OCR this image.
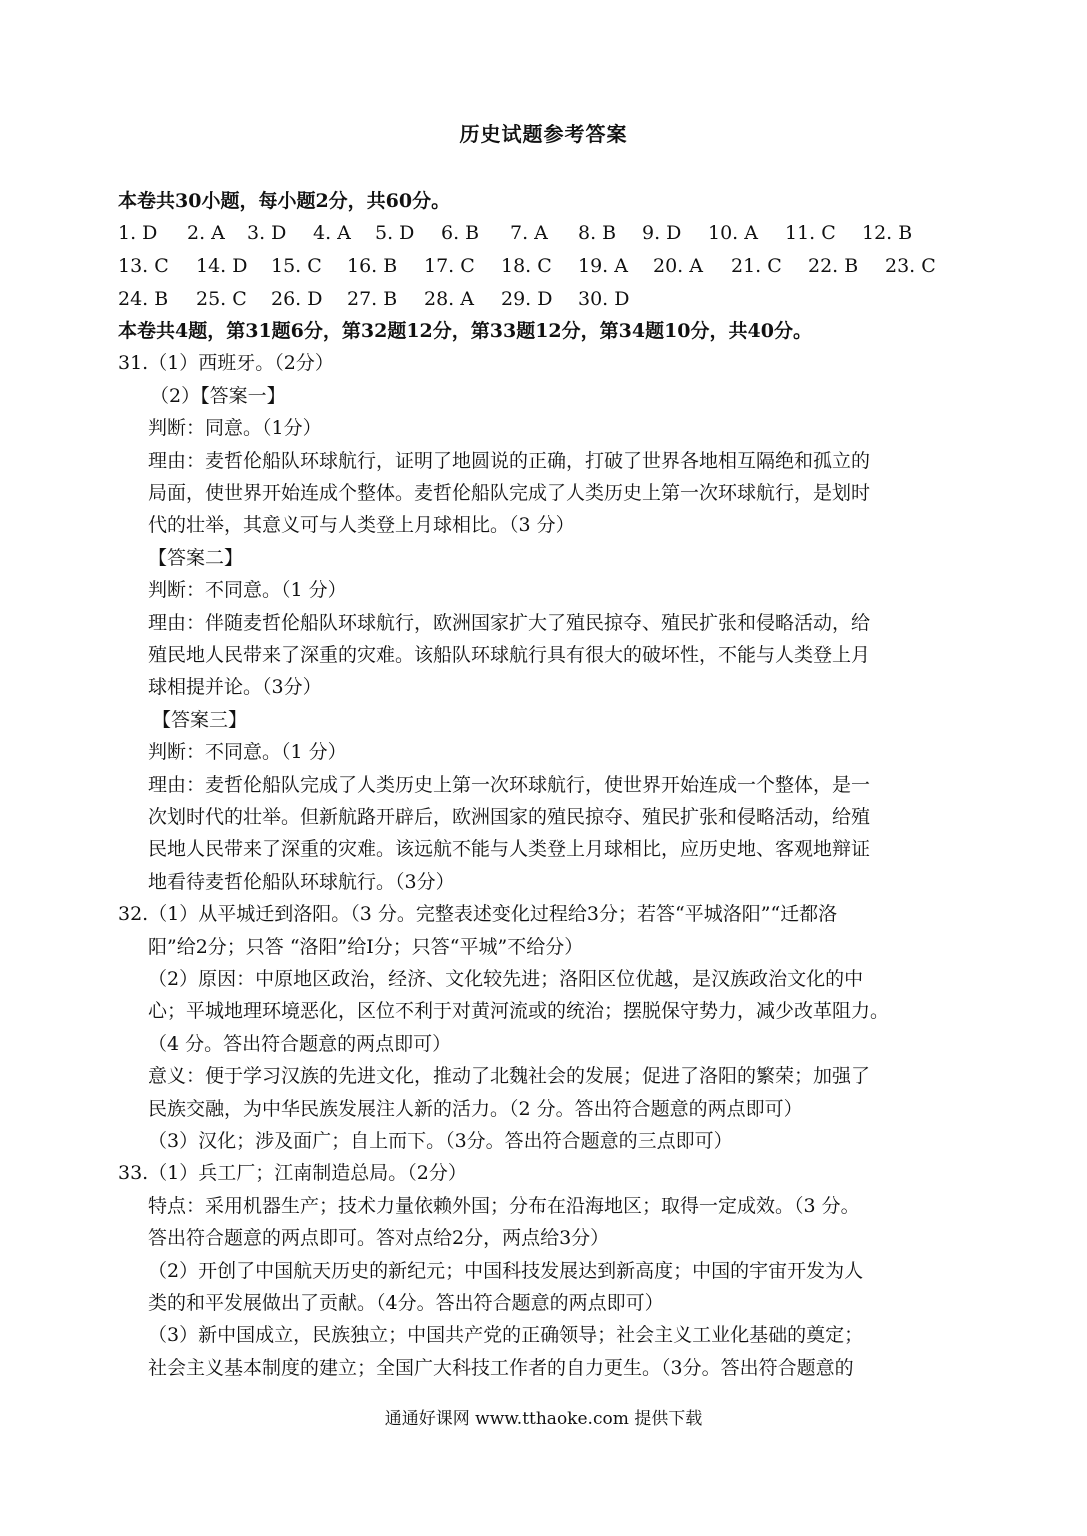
历史试题参考答案
本卷共30小题，每小题2分，共60分。
1. D 2. A 3. D 4. A 5. D 6. B 7. A 8. B 9. D 10. A 11. C 12. B
13. C 14. D 15. C 16. B 17. C 18. C 19. A 20. A 21. C 22. B 23. C
24. B 25. C 26. D 27. B 28. A 29. D 30. D
本卷共4题，第31题6分，第32题12分，第33题12分，第34题10分，共40分。
31.（1）西班牙。（2分）
（2）【答案一】
判断：同意。（1分）
理由：麦哲伦船队环球航行，证明了地圆说的正确，打破了世界各地相互隔绝和孤立的
局面，使世界开始连成个整体。麦哲伦船队完成了人类历史上第一次环球航行，是划时
代的壮举，其意义可与人类登上月球相比。（3 分）
【答案二】
判断：不同意。（1 分）
理由：伴随麦哲伦船队环球航行，欧洲国家扩大了殖民掠夺、殖民扩张和侵略活动，给
殖民地人民带来了深重的灾难。该船队环球航行具有很大的破坏性，不能与人类登上月
球相提并论。（3分）
【答案三】
判断：不同意。（1 分）
理由：麦哲伦船队完成了人类历史上第一次环球航行，使世界开始连成一个整体，是一
次划时代的壮举。但新航路开辟后，欧洲国家的殖民掠夺、殖民扩张和侵略活动，给殖
民地人民带来了深重的灾难。该远航不能与人类登上月球相比，应历史地、客观地辩证
地看待麦哲伦船队环球航行。（3分）
32.（1）从平城迁到洛阳。（3 分。完整表述变化过程给3分；若答“平城洛阳”“迁都洛
阳”给2分；只答 “洛阳”给Ⅰ分；只答“平城”不给分）
（2）原因：中原地区政治，经济、文化较先进；洛阳区位优越，是汉族政治文化的中
心；平城地理环境恶化，区位不利于对黄河流或的统治；摆脱保守势力，减少改革阻力。
（4 分。答出符合题意的两点即可）
意义：便于学习汉族的先进文化，推动了北魏社会的发展；促进了洛阳的繁荣；加强了
民族交融，为中华民族发展注人新的活力。（2 分。答出符合题意的两点即可）
（3）汉化；涉及面广；自上而下。（3分。答出符合题意的三点即可）
33.（1）兵工厂；江南制造总局。（2分）
特点：采用机器生产；技术力量依赖外国；分布在沿海地区；取得一定成效。（3 分。
答出符合题意的两点即可。答对点给2分，两点给3分）
（2）开创了中国航天历史的新纪元；中国科技发展达到新高度；中国的宇宙开发为人
类的和平发展做出了贡献。（4分。答出符合题意的两点即可）
（3）新中国成立，民族独立；中国共产党的正确领导；社会主义工业化基础的奠定；
社会主义基本制度的建立；全国广大科技工作者的自力更生。（3分。答出符合题意的
通通好课网 www.tthaoke.com 提供下载
